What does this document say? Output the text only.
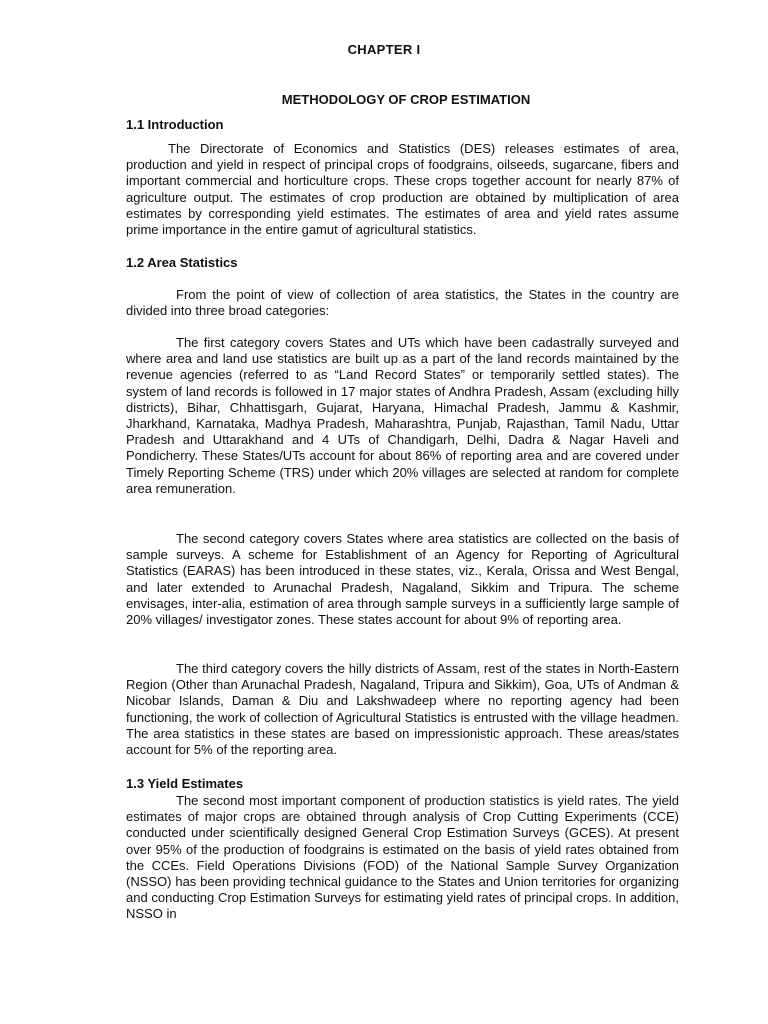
CHAPTER I
METHODOLOGY OF CROP ESTIMATION
1.1 Introduction

The Directorate of Economics and Statistics (DES) releases estimates of area, production and yield in respect of principal crops of foodgrains, oilseeds, sugarcane, fibers and important commercial and horticulture crops. These crops together account for nearly 87% of agriculture output. The estimates of crop production are obtained by multiplication of area estimates by corresponding yield estimates. The estimates of area and yield rates assume prime importance in the entire gamut of agricultural statistics.

1.2 Area Statistics

From the point of view of collection of area statistics, the States in the country are divided into three broad categories:

The first category covers States and UTs which have been cadastrally surveyed and where area and land use statistics are built up as a part of the land records maintained by the revenue agencies (referred to as “Land Record States” or temporarily settled states). The system of land records is followed in 17 major states of Andhra Pradesh, Assam (excluding hilly districts), Bihar, Chhattisgarh, Gujarat, Haryana, Himachal Pradesh, Jammu & Kashmir, Jharkhand, Karnataka, Madhya Pradesh, Maharashtra, Punjab, Rajasthan, Tamil Nadu, Uttar Pradesh and Uttarakhand and 4 UTs of Chandigarh, Delhi, Dadra & Nagar Haveli and Pondicherry. These States/UTs account for about 86% of reporting area and are covered under Timely Reporting Scheme (TRS) under which 20% villages are selected at random for complete area remuneration.

The second category covers States where area statistics are collected on the basis of sample surveys. A scheme for Establishment of an Agency for Reporting of Agricultural Statistics (EARAS) has been introduced in these states, viz., Kerala, Orissa and West Bengal, and later extended to Arunachal Pradesh, Nagaland, Sikkim and Tripura. The scheme envisages, inter-alia, estimation of area through sample surveys in a sufficiently large sample of 20% villages/ investigator zones. These states account for about 9% of reporting area.

The third category covers the hilly districts of Assam, rest of the states in North-Eastern Region (Other than Arunachal Pradesh, Nagaland, Tripura and Sikkim), Goa, UTs of Andman & Nicobar Islands, Daman & Diu and Lakshwadeep where no reporting agency had been functioning, the work of collection of Agricultural Statistics is entrusted with the village headmen. The area statistics in these states are based on impressionistic approach. These areas/states account for 5% of the reporting area.

1.3 Yield Estimates

The second most important component of production statistics is yield rates. The yield estimates of major crops are obtained through analysis of Crop Cutting Experiments (CCE) conducted under scientifically designed General Crop Estimation Surveys (GCES). At present over 95% of the production of foodgrains is estimated on the basis of yield rates obtained from the CCEs. Field Operations Divisions (FOD) of the National Sample Survey Organization (NSSO) has been providing technical guidance to the States and Union territories for organizing and conducting Crop Estimation Surveys for estimating yield rates of principal crops. In addition, NSSO in
